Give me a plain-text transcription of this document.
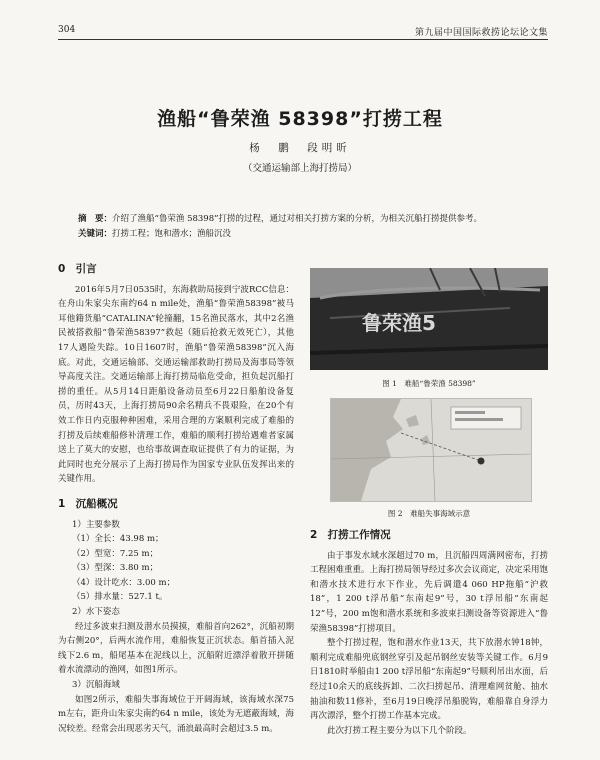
304	第九届中国国际救捞论坛论文集
渔船“鲁荣渔 58398”打捞工程
杨　鹏　段明昕
（交通运输部上海打捞局）
摘　要：介绍了渔船“鲁荣渔 58398”打捞的过程，通过对相关打捞方案的分析，为相关沉船打捞提供参考。
关键词：打捞工程；饱和潜水；渔船沉没
0 引言

2016年5月7日0535时，东海救助局接到宁波RCC信息：在舟山朱家尖东南约64 n mile处，渔船“鲁荣渔58398”被马耳他籍货船“CATALINA”轮撞翻，15名渔民落水，其中2名渔民被搭救船“鲁荣渔58397”救起（随后抢救无效死亡），其他17人遇险失踪。10日1607时，渔船“鲁荣渔58398”沉入海底。对此，交通运输部、交通运输部救助打捞局及海事局等领导高度关注。交通运输部上海打捞局临危受命，担负起沉船打捞的重任。从5月14日距船设备动员至6月22日船舶设备复员，历时43天，上海打捞局90余名精兵不畏艰险，在20个有效工作日内克服种种困难，采用合理的方案顺利完成了难船的打捞及后续难船修补清理工作，难船的顺利打捞给遇难者家属送上了莫大的安慰，也给事故调查取证提供了有力的证据，为此同时也充分展示了上海打捞局作为国家专业队伍发挥出来的关键作用。

1 沉船概况
1）主要参数
（1）全长：43.98 m；
（2）型宽：7.25 m；
（3）型深：3.80 m；
（4）设计吃水：3.00 m；
（5）排水量：527.1 t。
2）水下姿态

经过多波束扫测及潜水员摸摸，难船首向262°，沉船初期为右侧20°，后两水流作用，难船恢复正沉状态。船首插入泥线下2.6 m，船尾基本在泥线以上，沉船附近漂浮着散开拼随着水流漂动的渔网，如图1所示。

3）沉船海域

如图2所示，难船失事海域位于开阔海域，该海域水深75 m左右，距舟山朱家尖南约64 n mile，该处为无遮蔽海域，海况较差。经常会出现恶劣天气，涌浪最高时会超过3.5 m。

鲁荣渔5
图 1　难船“鲁荣渔 58398”
图 2　难船失事海域示意
2 打捞工作情况

由于事发水域水深超过70 m，且沉船四周满网密布，打捞工程困难重重。上海打捞局领导经过多次会议商定，决定采用饱和潜水技术进行水下作业，先后调遣4 060 HP拖船“沪救18”，1 200 t浮吊船“东南起9”号，30 t浮吊船“东南起12”号，200 m饱和潜水系统和多波束扫测设备等资源进入“鲁荣渔58398”打捞项目。

整个打捞过程，饱和潜水作业13天，共下放潜水钟18钟，顺利完成难船兜底钢丝穿引及起吊钢丝安装等关键工作。6月9日1810时举船由1 200 t浮吊船“东南起9”号顺利吊出水面，后经过10余天的底线拆卸、二次扫捞起吊、清理难网贫舱、抽水抽油和数11修补，至6月19日晚浮吊船脱钩，难船靠自身浮力再次漂浮，整个打捞工作基本完成。

此次打捞工程主要分为以下几个阶段。
